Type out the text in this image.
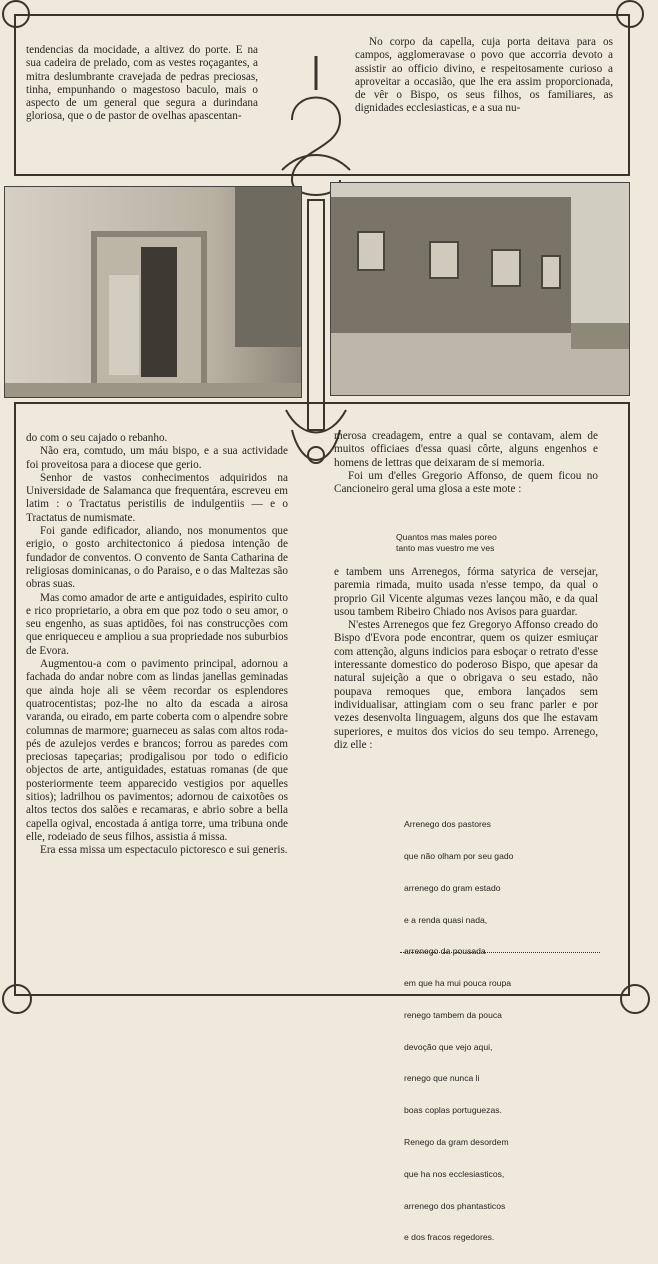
tendencias da mocidade, a altivez do porte. E na sua cadeira de prelado, com as vestes roçagantes, a mitra deslumbrante cravejada de pedras preciosas, tinha, empunhando o magestoso baculo, mais o aspecto de um general que segura a durindana gloriosa, que o de pastor de ovelhas apascentan-

No corpo da capella, cuja porta deitava para os campos, agglomeravase o povo que accorria devoto a assistir ao officio divino, e respeitosamente curioso a aproveitar a occasião, que lhe era assim proporcionada, de vêr o Bispo, os seus filhos, os familiares, as dignidades ecclesiasticas, e a sua nu-

do com o seu cajado o rebanho.

Não era, comtudo, um máu bispo, e a sua actividade foi proveitosa para a diocese que gerio.

Senhor de vastos conhecimentos adquiridos na Universidade de Salamanca que frequentára, escreveu em latim : o Tractatus peristilis de indulgentiis — e o Tractatus de numismate.

Foi gande edificador, aliando, nos monumentos que erigio, o gosto architectonico á piedosa intenção de fundador de conventos. O convento de Santa Catharina de religiosas dominicanas, o do Paraiso, e o das Maltezas são obras suas.

Mas como amador de arte e antiguidades, espirito culto e rico proprietario, a obra em que poz todo o seu amor, o seu engenho, as suas aptidões, foi nas construcções com que enriqueceu e ampliou a sua propriedade nos suburbios de Evora.

Augmentou-a com o pavimento principal, adornou a fachada do andar nobre com as lindas janellas geminadas que ainda hoje ali se vêem recordar os esplendores quatrocentistas; poz-lhe no alto da escada a airosa varanda, ou eirado, em parte coberta com o alpendre sobre columnas de marmore; guarneceu as salas com altos roda-pés de azulejos verdes e brancos; forrou as paredes com preciosas tapeçarias; prodigalisou por todo o edificio objectos de arte, antiguidades, estatuas romanas (de que posteriormente teem apparecido vestigios por aquelles sitios); ladrilhou os pavimentos; adornou de caixotões os altos tectos dos salões e recamaras, e abrio sobre a bella capella ogival, encostada á antiga torre, uma tribuna onde elle, rodeiado de seus filhos, assistia á missa.

Era essa missa um espectaculo pictoresco e sui generis.

merosa creadagem, entre a qual se contavam, alem de muitos officiaes d'essa quasi côrte, alguns engenhos e homens de lettras que deixaram de si memoria.

Foi um d'elles Gregorio Affonso, de quem ficou no Cancioneiro geral uma glosa a este mote :

Quantos mas males poreo
tanto mas vuestro me ves

e tambem uns Arrenegos, fórma satyrica de versejar, paremia rimada, muito usada n'esse tempo, da qual o proprio Gil Vicente algumas vezes lançou mão, e da qual usou tambem Ribeiro Chiado nos Avisos para guardar.

N'estes Arrenegos que fez Gregoryo Affonso creado do Bispo d'Evora pode encontrar, quem os quizer esmiuçar com attenção, alguns indicios para esboçar o retrato d'esse interessante domestico do poderoso Bispo, que apesar da natural sujeição a que o obrigava o seu estado, não poupava remoques que, embora lançados sem individualisar, attingiam com o seu franc parler e por vezes desenvolta linguagem, alguns dos que lhe estavam superiores, e muitos dos vicios do seu tempo. Arrenego, diz elle :

Arrenego dos pastores

que não olham por seu gado

arrenego do gram estado

e a renda quasi nada,

arrenego da pousada

em que ha mui pouca roupa

renego tambem da pouca

devoção que vejo aqui,

renego que nunca li

boas coplas portuguezas.

Renego da gram desordem

que ha nos ecclesiasticos,

arrenego dos phantasticos

e dos fracos regedores.
